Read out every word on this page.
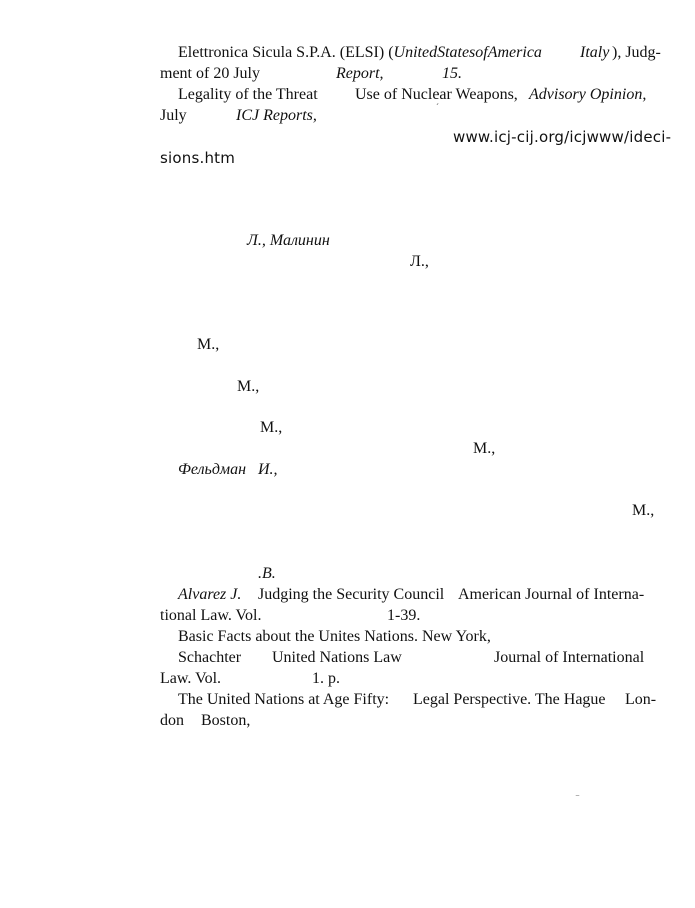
Elettronica Sicula S.P.A. (ELSI) (UnitedStatesofAmerica Italy ), Judg-
ment of 20 July	Report,	15.
Legality of the Threat Use of Nuclear Weapons, Advisory Opinion,
´
July	ICJ Reports,
www.icj-cij.org/icjwww/ideci-
sions.htm
Л., Малинин
Л.,
М.,
М.,
М.,
М.,
Фельдман И.,
М.,
.B.
Alvarez J. Judging the Security Council American Journal of Interna-
tional Law. Vol.	1-39.
Basic Facts about the Unites Nations. New York,
Schachter United Nations Law	Journal of International
Law. Vol.	1. p.
The United Nations at Age Fifty: Legal Perspective. The Hague Lon-
don Boston,
‾
